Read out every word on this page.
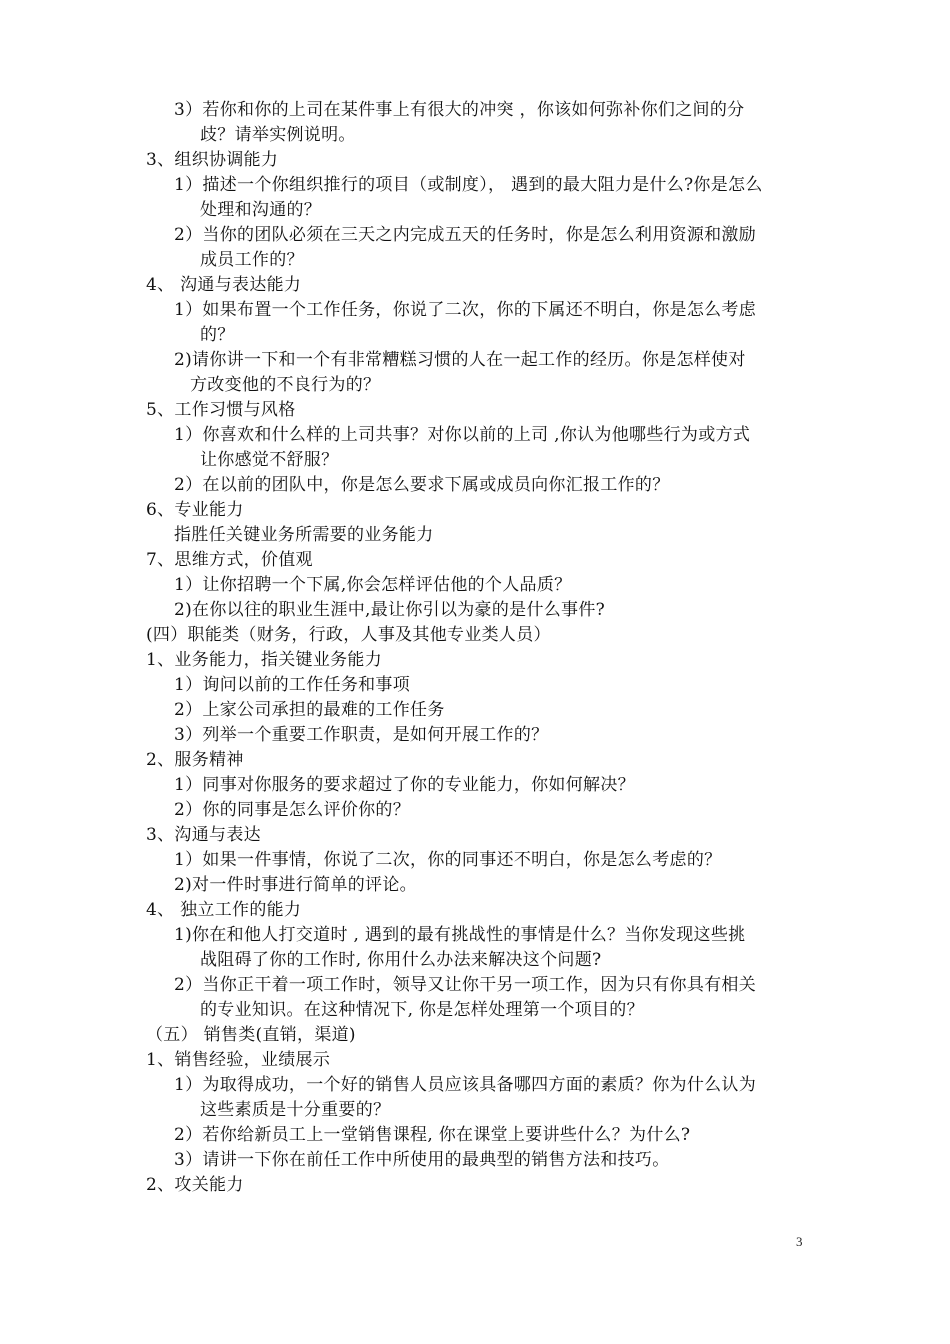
3）若你和你的上司在某件事上有很大的冲突 ，你该如何弥补你们之间的分
歧？请举实例说明。
3、组织协调能力
1）描述一个你组织推行的项目（或制度）， 遇到的最大阻力是什么?你是怎么
处理和沟通的？
2）当你的团队必须在三天之内完成五天的任务时，你是怎么利用资源和激励
成员工作的？
4、 沟通与表达能力
1）如果布置一个工作任务，你说了二次，你的下属还不明白，你是怎么考虑
的？
2)请你讲一下和一个有非常糟糕习惯的人在一起工作的经历。你是怎样使对
方改变他的不良行为的？
5、工作习惯与风格
1）你喜欢和什么样的上司共事？对你以前的上司 ,你认为他哪些行为或方式
让你感觉不舒服？
2）在以前的团队中，你是怎么要求下属或成员向你汇报工作的？
6、专业能力
指胜任关键业务所需要的业务能力
7、思维方式，价值观
1）让你招聘一个下属,你会怎样评估他的个人品质？
2)在你以往的职业生涯中,最让你引以为豪的是什么事件?
(四）职能类（财务，行政，人事及其他专业类人员）
1、业务能力，指关键业务能力
1）询问以前的工作任务和事项
2）上家公司承担的最难的工作任务
3）列举一个重要工作职责，是如何开展工作的？
2、服务精神
1）同事对你服务的要求超过了你的专业能力，你如何解决？
2）你的同事是怎么评价你的？
3、沟通与表达
1）如果一件事情，你说了二次，你的同事还不明白，你是怎么考虑的？
2)对一件时事进行简单的评论。
4、 独立工作的能力
1)你在和他人打交道时 , 遇到的最有挑战性的事情是什么？当你发现这些挑
战阻碍了你的工作时, 你用什么办法来解决这个问题?
2）当你正干着一项工作时，领导又让你干另一项工作，因为只有你具有相关
的专业知识。在这种情况下, 你是怎样处理第一个项目的？
（五） 销售类(直销，渠道)
1、销售经验，业绩展示
1）为取得成功，一个好的销售人员应该具备哪四方面的素质？你为什么认为
这些素质是十分重要的？
2）若你给新员工上一堂销售课程, 你在课堂上要讲些什么？为什么?
3）请讲一下你在前任工作中所使用的最典型的销售方法和技巧。
2、攻关能力
3
